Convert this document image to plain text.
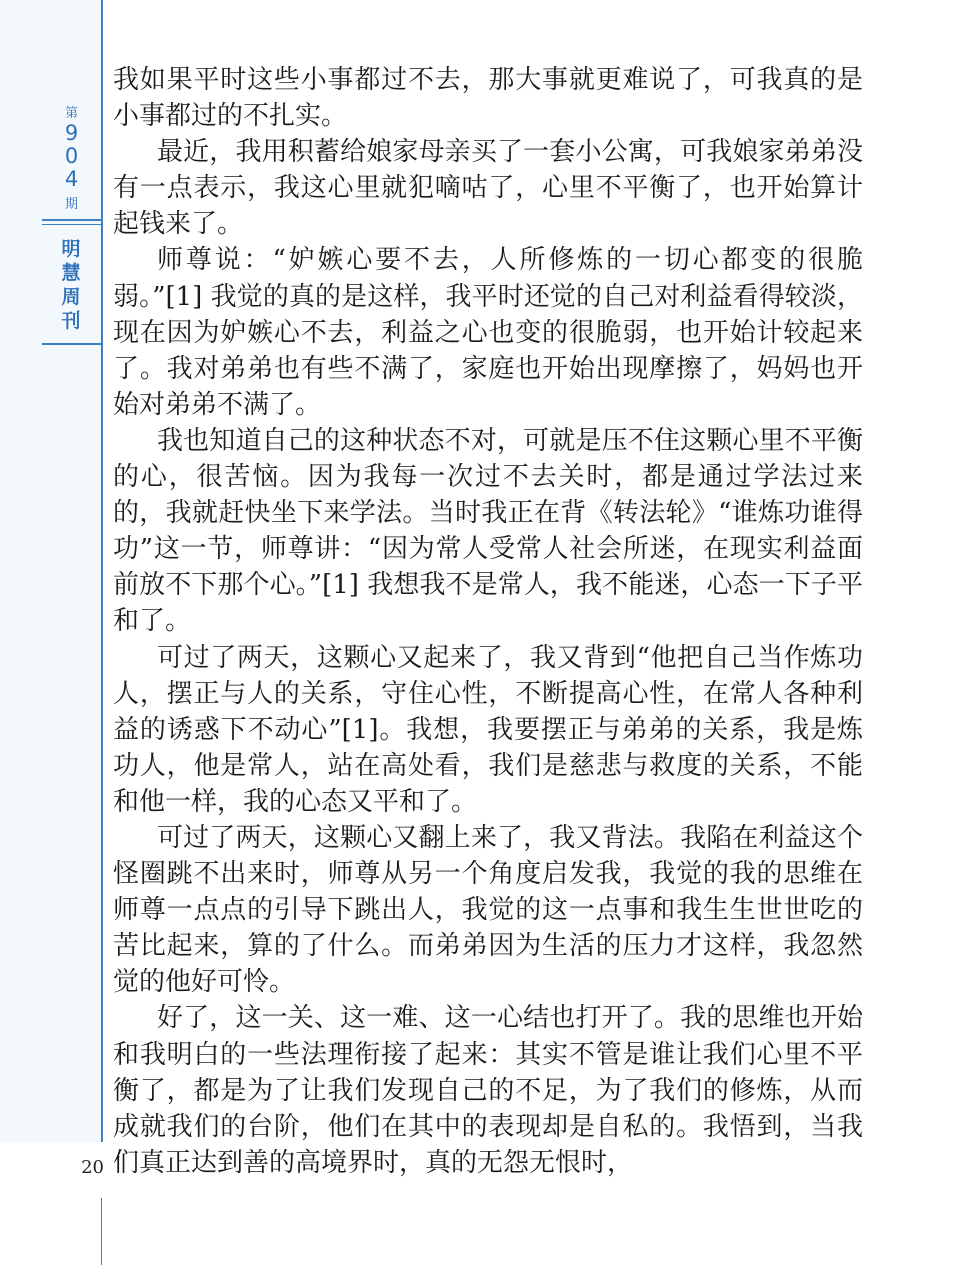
第
9
0
4
期
明
慧
周
刊

我如果平时这些小事都过不去，那大事就更难说了，可我真的是小事都过的不扎实。

最近，我用积蓄给娘家母亲买了一套小公寓，可我娘家弟弟没有一点表示，我这心里就犯嘀咕了，心里不平衡了，也开始算计起钱来了。

师尊说：“妒嫉心要不去，人所修炼的一切心都变的很脆弱。”[1] 我觉的真的是这样，我平时还觉的自己对利益看得较淡，现在因为妒嫉心不去，利益之心也变的很脆弱，也开始计较起来了。我对弟弟也有些不满了，家庭也开始出现摩擦了，妈妈也开始对弟弟不满了。

我也知道自己的这种状态不对，可就是压不住这颗心里不平衡的心，很苦恼。因为我每一次过不去关时，都是通过学法过来的，我就赶快坐下来学法。当时我正在背《转法轮》“谁炼功谁得功”这一节，师尊讲：“因为常人受常人社会所迷，在现实利益面前放不下那个心。”[1] 我想我不是常人，我不能迷，心态一下子平和了。

可过了两天，这颗心又起来了，我又背到“他把自己当作炼功人，摆正与人的关系，守住心性，不断提高心性，在常人各种利益的诱惑下不动心”[1]。我想，我要摆正与弟弟的关系，我是炼功人，他是常人，站在高处看，我们是慈悲与救度的关系，不能和他一样，我的心态又平和了。

可过了两天，这颗心又翻上来了，我又背法。我陷在利益这个怪圈跳不出来时，师尊从另一个角度启发我，我觉的我的思维在师尊一点点的引导下跳出人，我觉的这一点事和我生生世世吃的苦比起来，算的了什么。而弟弟因为生活的压力才这样，我忽然觉的他好可怜。

好了，这一关、这一难、这一心结也打开了。我的思维也开始和我明白的一些法理衔接了起来：其实不管是谁让我们心里不平衡了，都是为了让我们发现自己的不足，为了我们的修炼，从而成就我们的台阶，他们在其中的表现却是自私的。我悟到，当我们真正达到善的高境界时，真的无怨无恨时，

20
